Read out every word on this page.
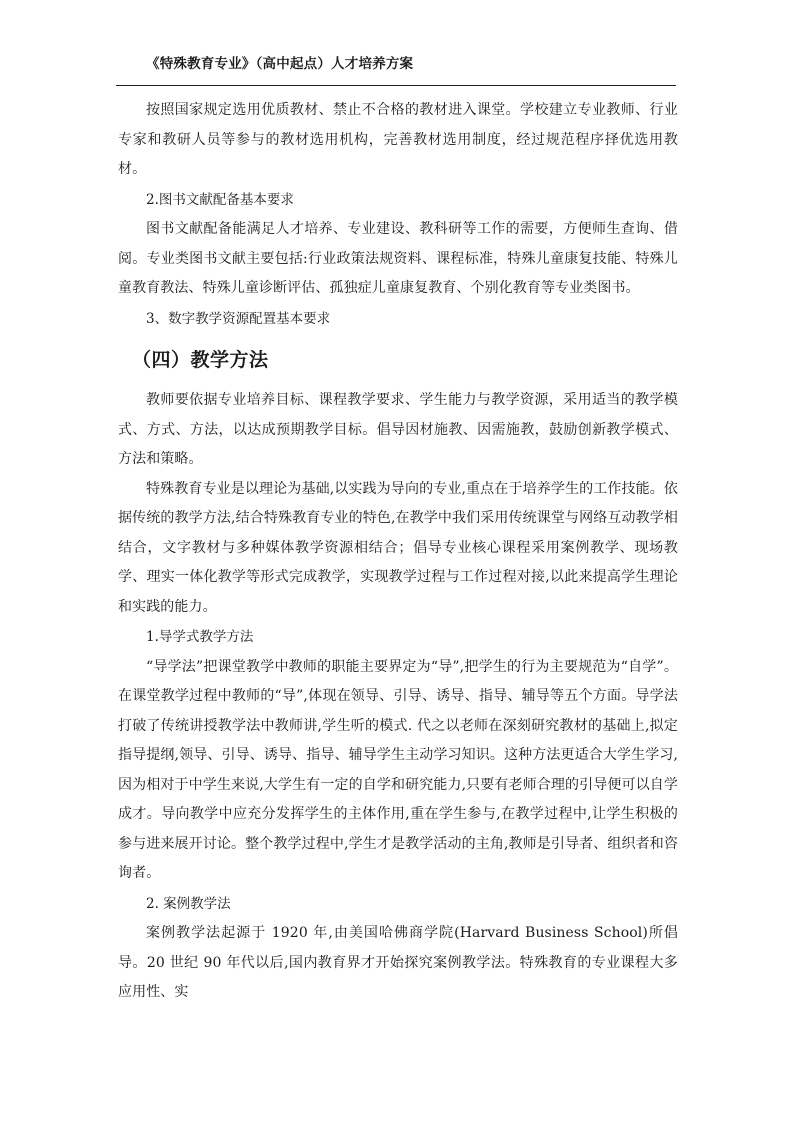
《特殊教育专业》（高中起点）人才培养方案

按照国家规定选用优质教材、禁止不合格的教材进入课堂。学校建立专业教师、行业专家和教研人员等参与的教材选用机构，完善教材选用制度，经过规范程序择优选用教材。

2.图书文献配备基本要求

图书文献配备能满足人才培养、专业建设、教科研等工作的需要，方便师生查询、借阅。专业类图书文献主要包括:行业政策法规资料、课程标准，特殊儿童康复技能、特殊儿童教育教法、特殊儿童诊断评估、孤独症儿童康复教育、个别化教育等专业类图书。

3、数字教学资源配置基本要求

（四）教学方法

教师要依据专业培养目标、课程教学要求、学生能力与教学资源，采用适当的教学模式、方式、方法，以达成预期教学目标。倡导因材施教、因需施教，鼓励创新教学模式、方法和策略。

特殊教育专业是以理论为基础,以实践为导向的专业,重点在于培养学生的工作技能。依据传统的教学方法,结合特殊教育专业的特色,在教学中我们采用传统课堂与网络互动教学相结合，文字教材与多种媒体教学资源相结合；倡导专业核心课程采用案例教学、现场教学、理实一体化教学等形式完成教学，实现教学过程与工作过程对接,以此来提高学生理论和实践的能力。

1.导学式教学方法

“导学法”把课堂教学中教师的职能主要界定为“导”,把学生的行为主要规范为“自学”。在课堂教学过程中教师的“导”,体现在领导、引导、诱导、指导、辅导等五个方面。导学法打破了传统讲授教学法中教师讲,学生听的模式. 代之以老师在深刻研究教材的基础上,拟定指导提纲,领导、引导、诱导、指导、辅导学生主动学习知识。这种方法更适合大学生学习,因为相对于中学生来说,大学生有一定的自学和研究能力,只要有老师合理的引导便可以自学成才。导向教学中应充分发挥学生的主体作用,重在学生参与,在教学过程中,让学生积极的参与进来展开讨论。整个教学过程中,学生才是教学活动的主角,教师是引导者、组织者和咨询者。

2. 案例教学法

案例教学法起源于 1920 年,由美国哈佛商学院(Harvard Business School)所倡导。20 世纪 90 年代以后,国内教育界才开始探究案例教学法。特殊教育的专业课程大多应用性、实
